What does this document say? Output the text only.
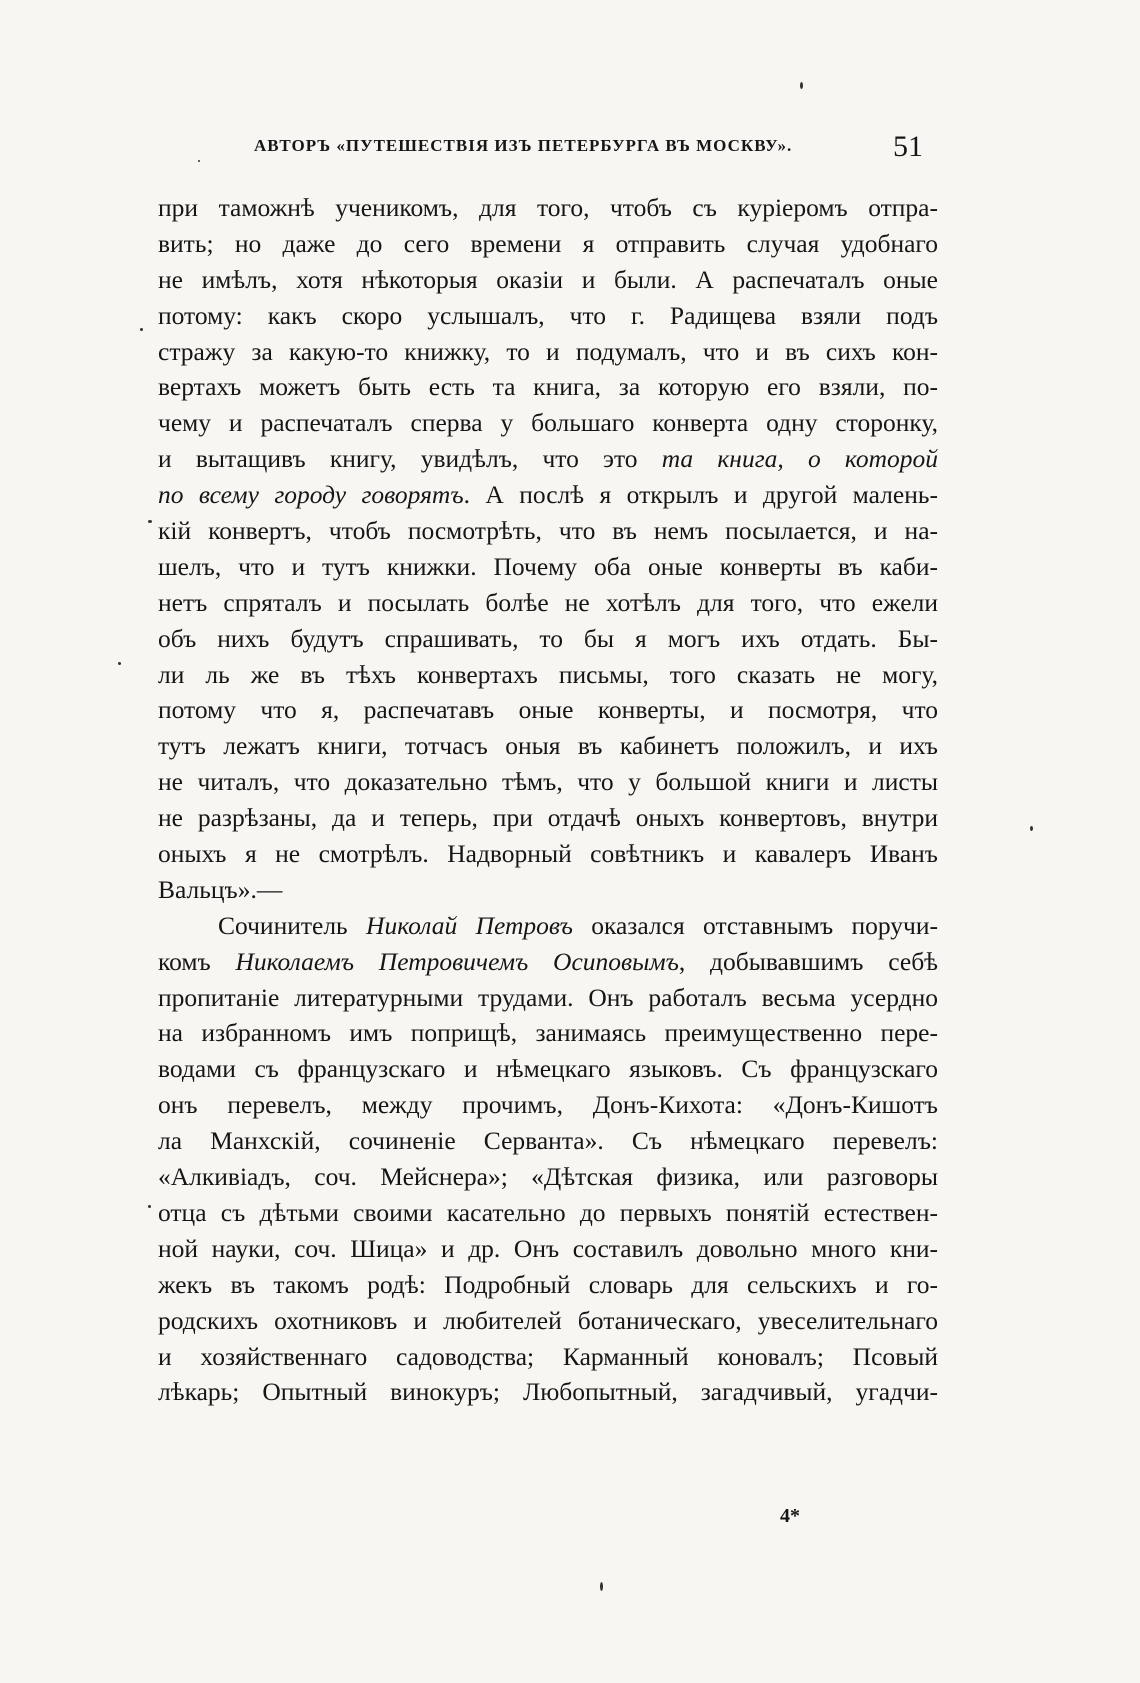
АВТОРЪ «ПУТЕШЕСТВІЯ ИЗЪ ПЕТЕРБУРГА ВЪ МОСКВУ».	51
при таможнѣ ученикомъ, для того, чтобъ съ курiеромъ отпра-
вить; но даже до сего времени я отправить случая удобнаго
не имѣлъ, хотя нѣкоторыя оказiи и были. А распечаталъ оные
потому: какъ скоро услышалъ, что г. Радищева взяли подъ
стражу за какую-то книжку, то и подумалъ, что и въ сихъ кон-
вертахъ можетъ быть есть та книга, за которую его взяли, по-
чему и распечаталъ сперва у большаго конверта одну сторонку,
и вытащивъ книгу, увидѣлъ, что это та книга, о которой
по всему городу говорятъ. А послѣ я открылъ и другой малень-
кiй конвертъ, чтобъ посмотрѣть, что въ немъ посылается, и на-
шелъ, что и тутъ книжки. Почему оба оные конверты въ каби-
нетъ спряталъ и посылать болѣе не хотѣлъ для того, что ежели
объ нихъ будутъ спрашивать, то бы я могъ ихъ отдать. Бы-
ли ль же въ тѣхъ конвертахъ письмы, того сказать не могу,
потому что я, распечатавъ оные конверты, и посмотря, что
тутъ лежатъ книги, тотчасъ оныя въ кабинетъ положилъ, и ихъ
не читалъ, что доказательно тѣмъ, что у большой книги и листы
не разрѣзаны, да и теперь, при отдачѣ оныхъ конвертовъ, внутри
оныхъ я не смотрѣлъ. Надворный совѣтникъ и кавалеръ Иванъ
Вальцъ».—
Сочинитель Николай Петровъ оказался отставнымъ поручи-
комъ Николаемъ Петровичемъ Осиповымъ, добывавшимъ себѣ
пропитанiе литературными трудами. Онъ работалъ весьма усердно
на избранномъ имъ поприщѣ, занимаясь преимущественно пере-
водами съ французскаго и нѣмецкаго языковъ. Съ французскаго
онъ перевелъ, между прочимъ, Донъ-Кихота: «Донъ-Кишотъ
ла Манхскiй, сочиненiе Серванта». Съ нѣмецкаго перевелъ:
«Алкивiадъ, соч. Мейснера»; «Дѣтская физика, или разговоры
отца съ дѣтьми своими касательно до первыхъ понятiй естествен-
ной науки, соч. Шица» и др. Онъ составилъ довольно много кни-
жекъ въ такомъ родѣ: Подробный словарь для сельскихъ и го-
родскихъ охотниковъ и любителей ботаническаго, увеселительнаго
и хозяйственнаго садоводства; Карманный коновалъ; Псовый
лѣкарь; Опытный винокуръ; Любопытный, загадчивый, угадчи-
4*
